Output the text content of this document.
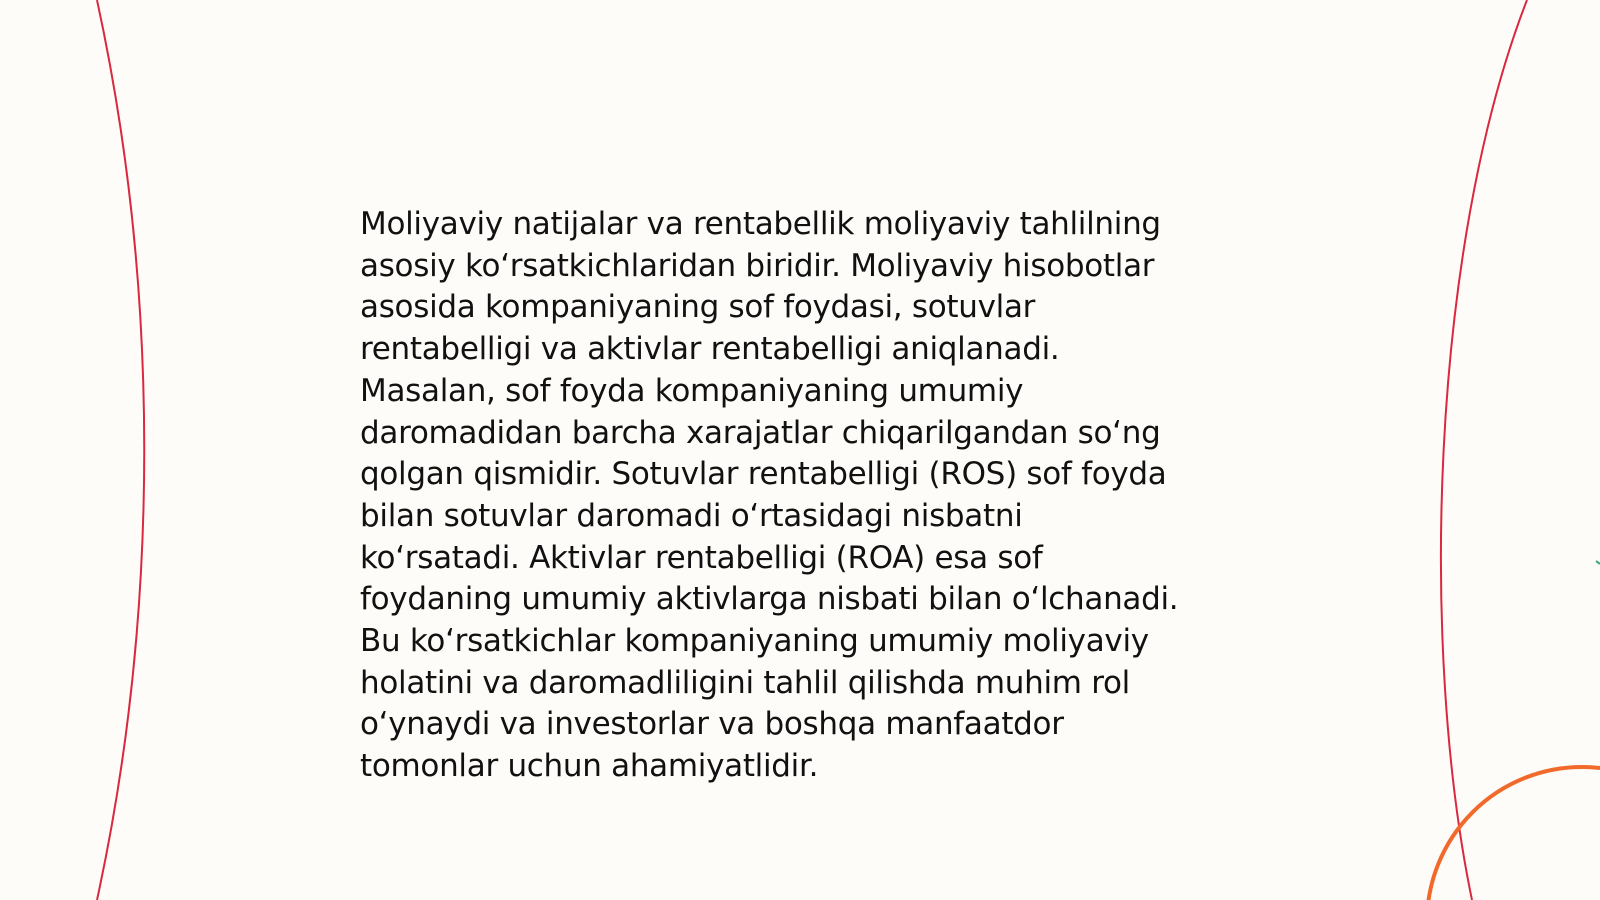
Moliyaviy natijalar va rentabellik moliyaviy tahlilning
asosiy ko‘rsatkichlaridan biridir. Moliyaviy hisobotlar
asosida kompaniyaning sof foydasi, sotuvlar
rentabelligi va aktivlar rentabelligi aniqlanadi.
Masalan, sof foyda kompaniyaning umumiy
daromadidan barcha xarajatlar chiqarilgandan so‘ng
qolgan qismidir. Sotuvlar rentabelligi (ROS) sof foyda
bilan sotuvlar daromadi o‘rtasidagi nisbatni
ko‘rsatadi. Aktivlar rentabelligi (ROA) esa sof
foydaning umumiy aktivlarga nisbati bilan o‘lchanadi.
Bu ko‘rsatkichlar kompaniyaning umumiy moliyaviy
holatini va daromadliligini tahlil qilishda muhim rol
o‘ynaydi va investorlar va boshqa manfaatdor
tomonlar uchun ahamiyatlidir.
